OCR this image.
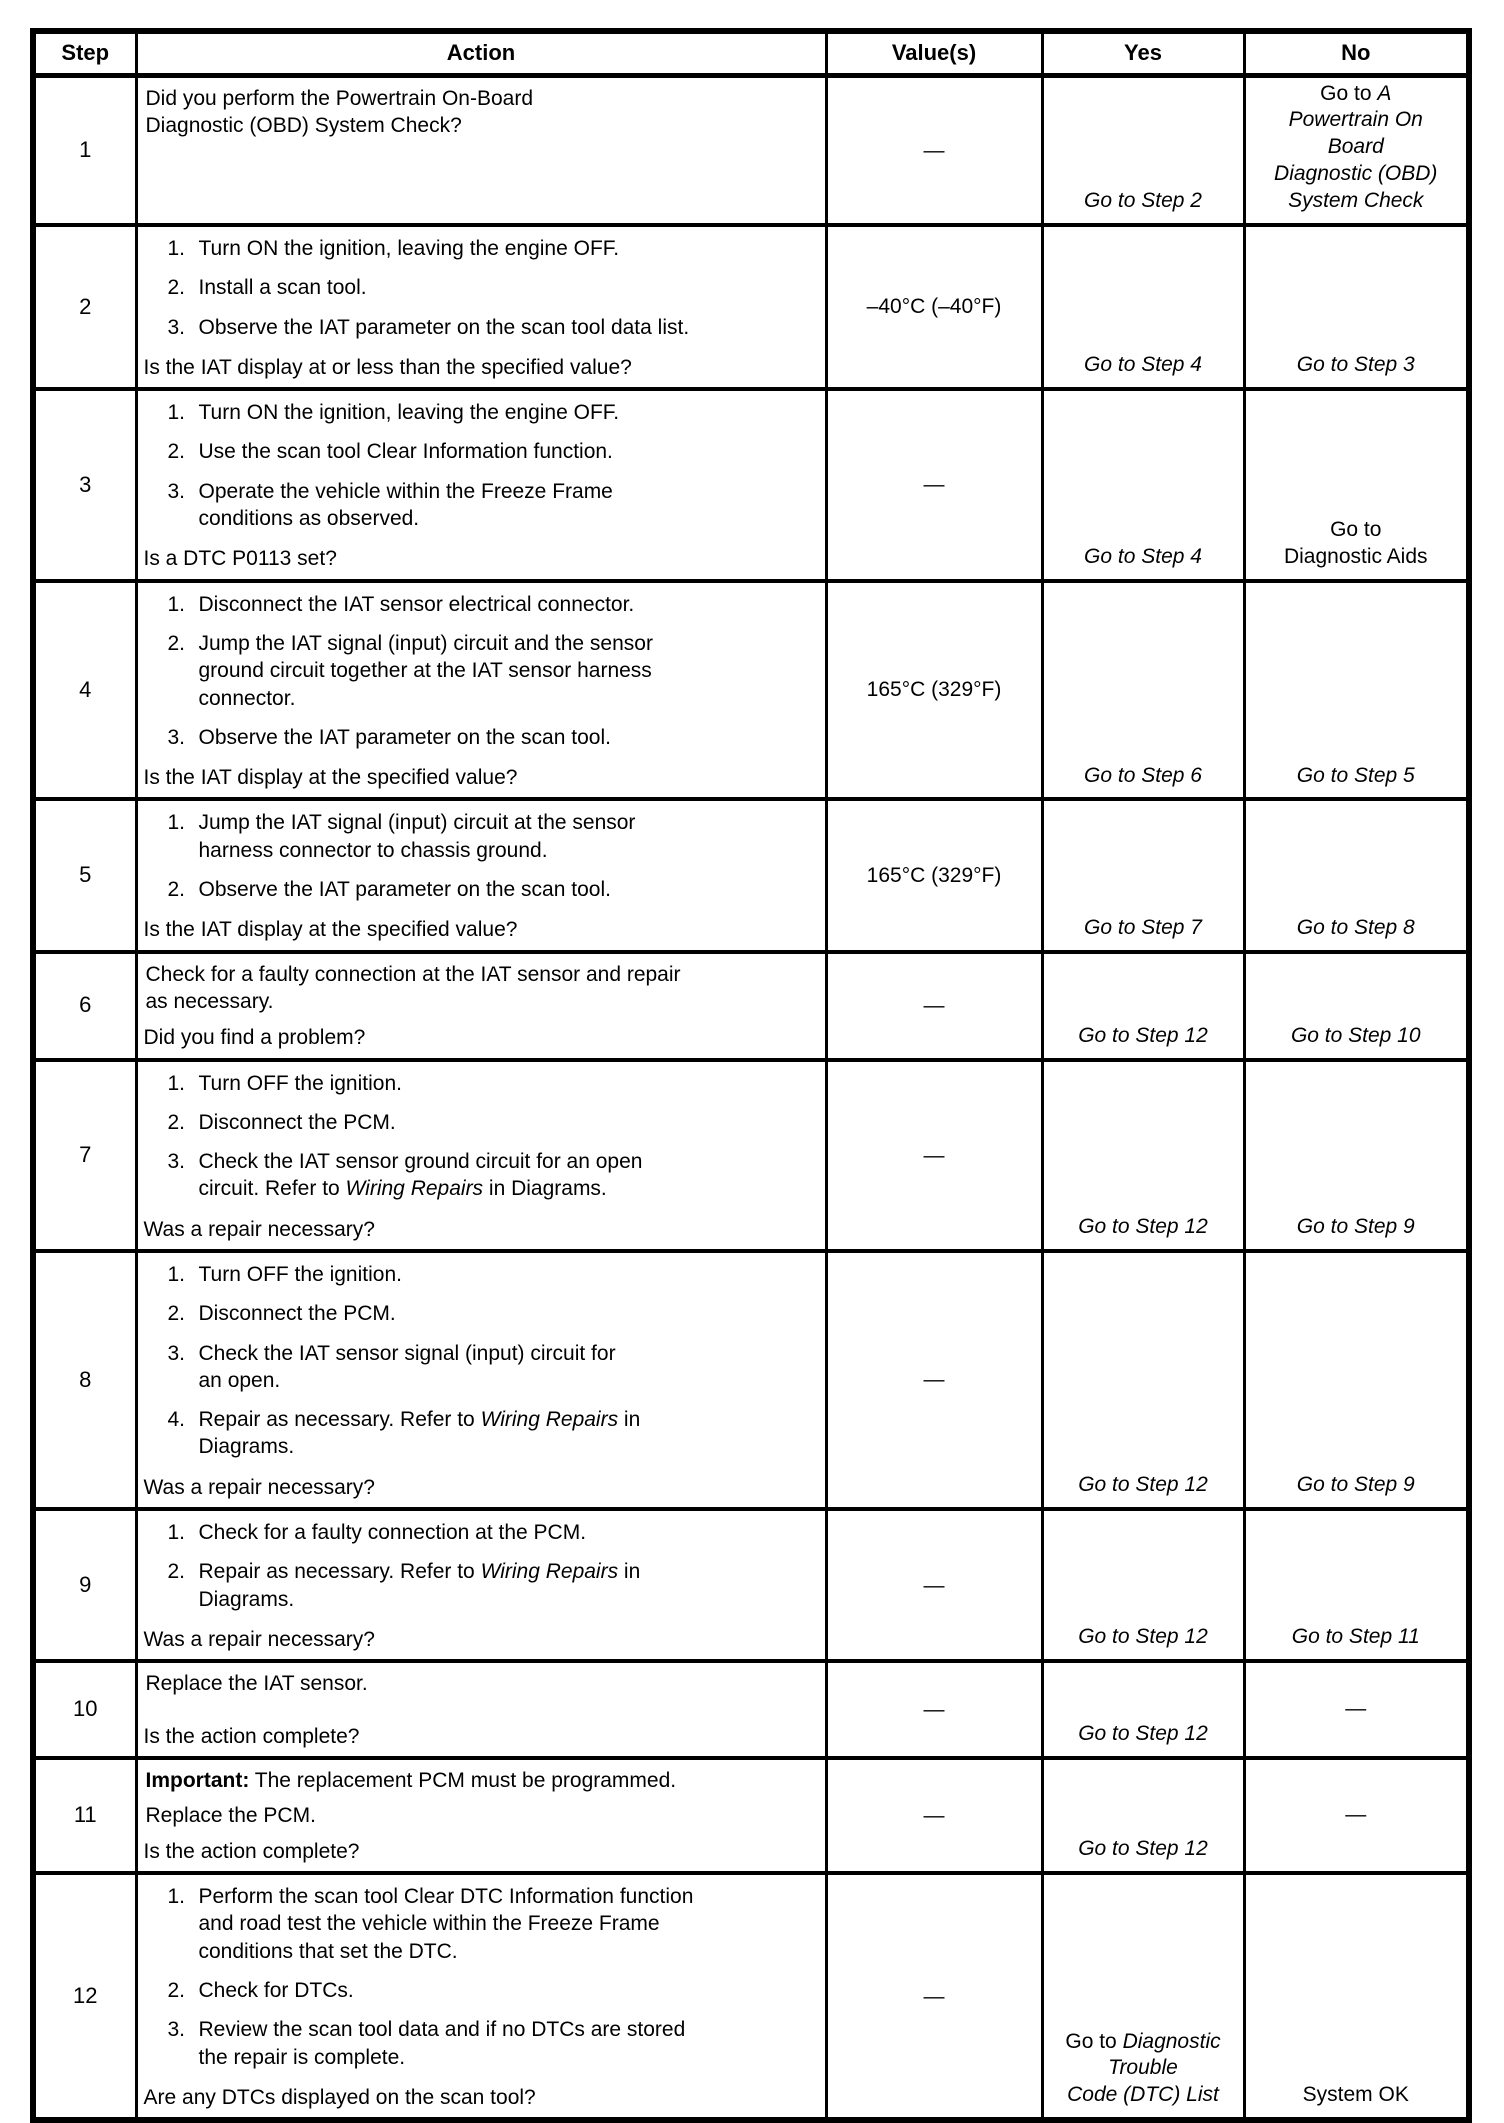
Step	Action	Value(s)	Yes	No
1	Did you perform the Powertrain On-Board
Diagnostic (OBD) System Check?	—	Go to Step 2	Go to A
Powertrain On
Board
Diagnostic (OBD)
System Check
2	
1. Turn ON the ignition, leaving the engine OFF.
2. Install a scan tool.
3. Observe the IAT parameter on the scan tool data list.
Is the IAT display at or less than the specified value?
	–40°C (–40°F)	Go to Step 4	Go to Step 3
3	
1. Turn ON the ignition, leaving the engine OFF.
2. Use the scan tool Clear Information function.
3. Operate the vehicle within the Freeze Frame
conditions as observed.
Is a DTC P0113 set?
	—	Go to Step 4	Go to
Diagnostic Aids
4	
1. Disconnect the IAT sensor electrical connector.
2. Jump the IAT signal (input) circuit and the sensor
ground circuit together at the IAT sensor harness
connector.
3. Observe the IAT parameter on the scan tool.
Is the IAT display at the specified value?
	165°C (329°F)	Go to Step 6	Go to Step 5
5	
1. Jump the IAT signal (input) circuit at the sensor
harness connector to chassis ground.
2. Observe the IAT parameter on the scan tool.
Is the IAT display at the specified value?
	165°C (329°F)	Go to Step 7	Go to Step 8
6	Check for a faulty connection at the IAT sensor and repair
as necessary.
Did you find a problem?	—	Go to Step 12	Go to Step 10
7	
1. Turn OFF the ignition.
2. Disconnect the PCM.
3. Check the IAT sensor ground circuit for an open
circuit. Refer to Wiring Repairs in Diagrams.
Was a repair necessary?
	—	Go to Step 12	Go to Step 9
8	
1. Turn OFF the ignition.
2. Disconnect the PCM.
3. Check the IAT sensor signal (input) circuit for
an open.
4. Repair as necessary. Refer to Wiring Repairs in
Diagrams.
Was a repair necessary?
	—	Go to Step 12	Go to Step 9
9	
1. Check for a faulty connection at the PCM.
2. Repair as necessary. Refer to Wiring Repairs in
Diagrams.
Was a repair necessary?
	—	Go to Step 12	Go to Step 11
10	Replace the IAT sensor.
Is the action complete?	—	Go to Step 12	—
11	Important: The replacement PCM must be programmed.
Replace the PCM.
Is the action complete?	—	Go to Step 12	—
12	
1. Perform the scan tool Clear DTC Information function
and road test the vehicle within the Freeze Frame
conditions that set the DTC.
2. Check for DTCs.
3. Review the scan tool data and if no DTCs are stored
the repair is complete.
Are any DTCs displayed on the scan tool?
	—	Go to Diagnostic
Trouble
Code (DTC) List	System OK
